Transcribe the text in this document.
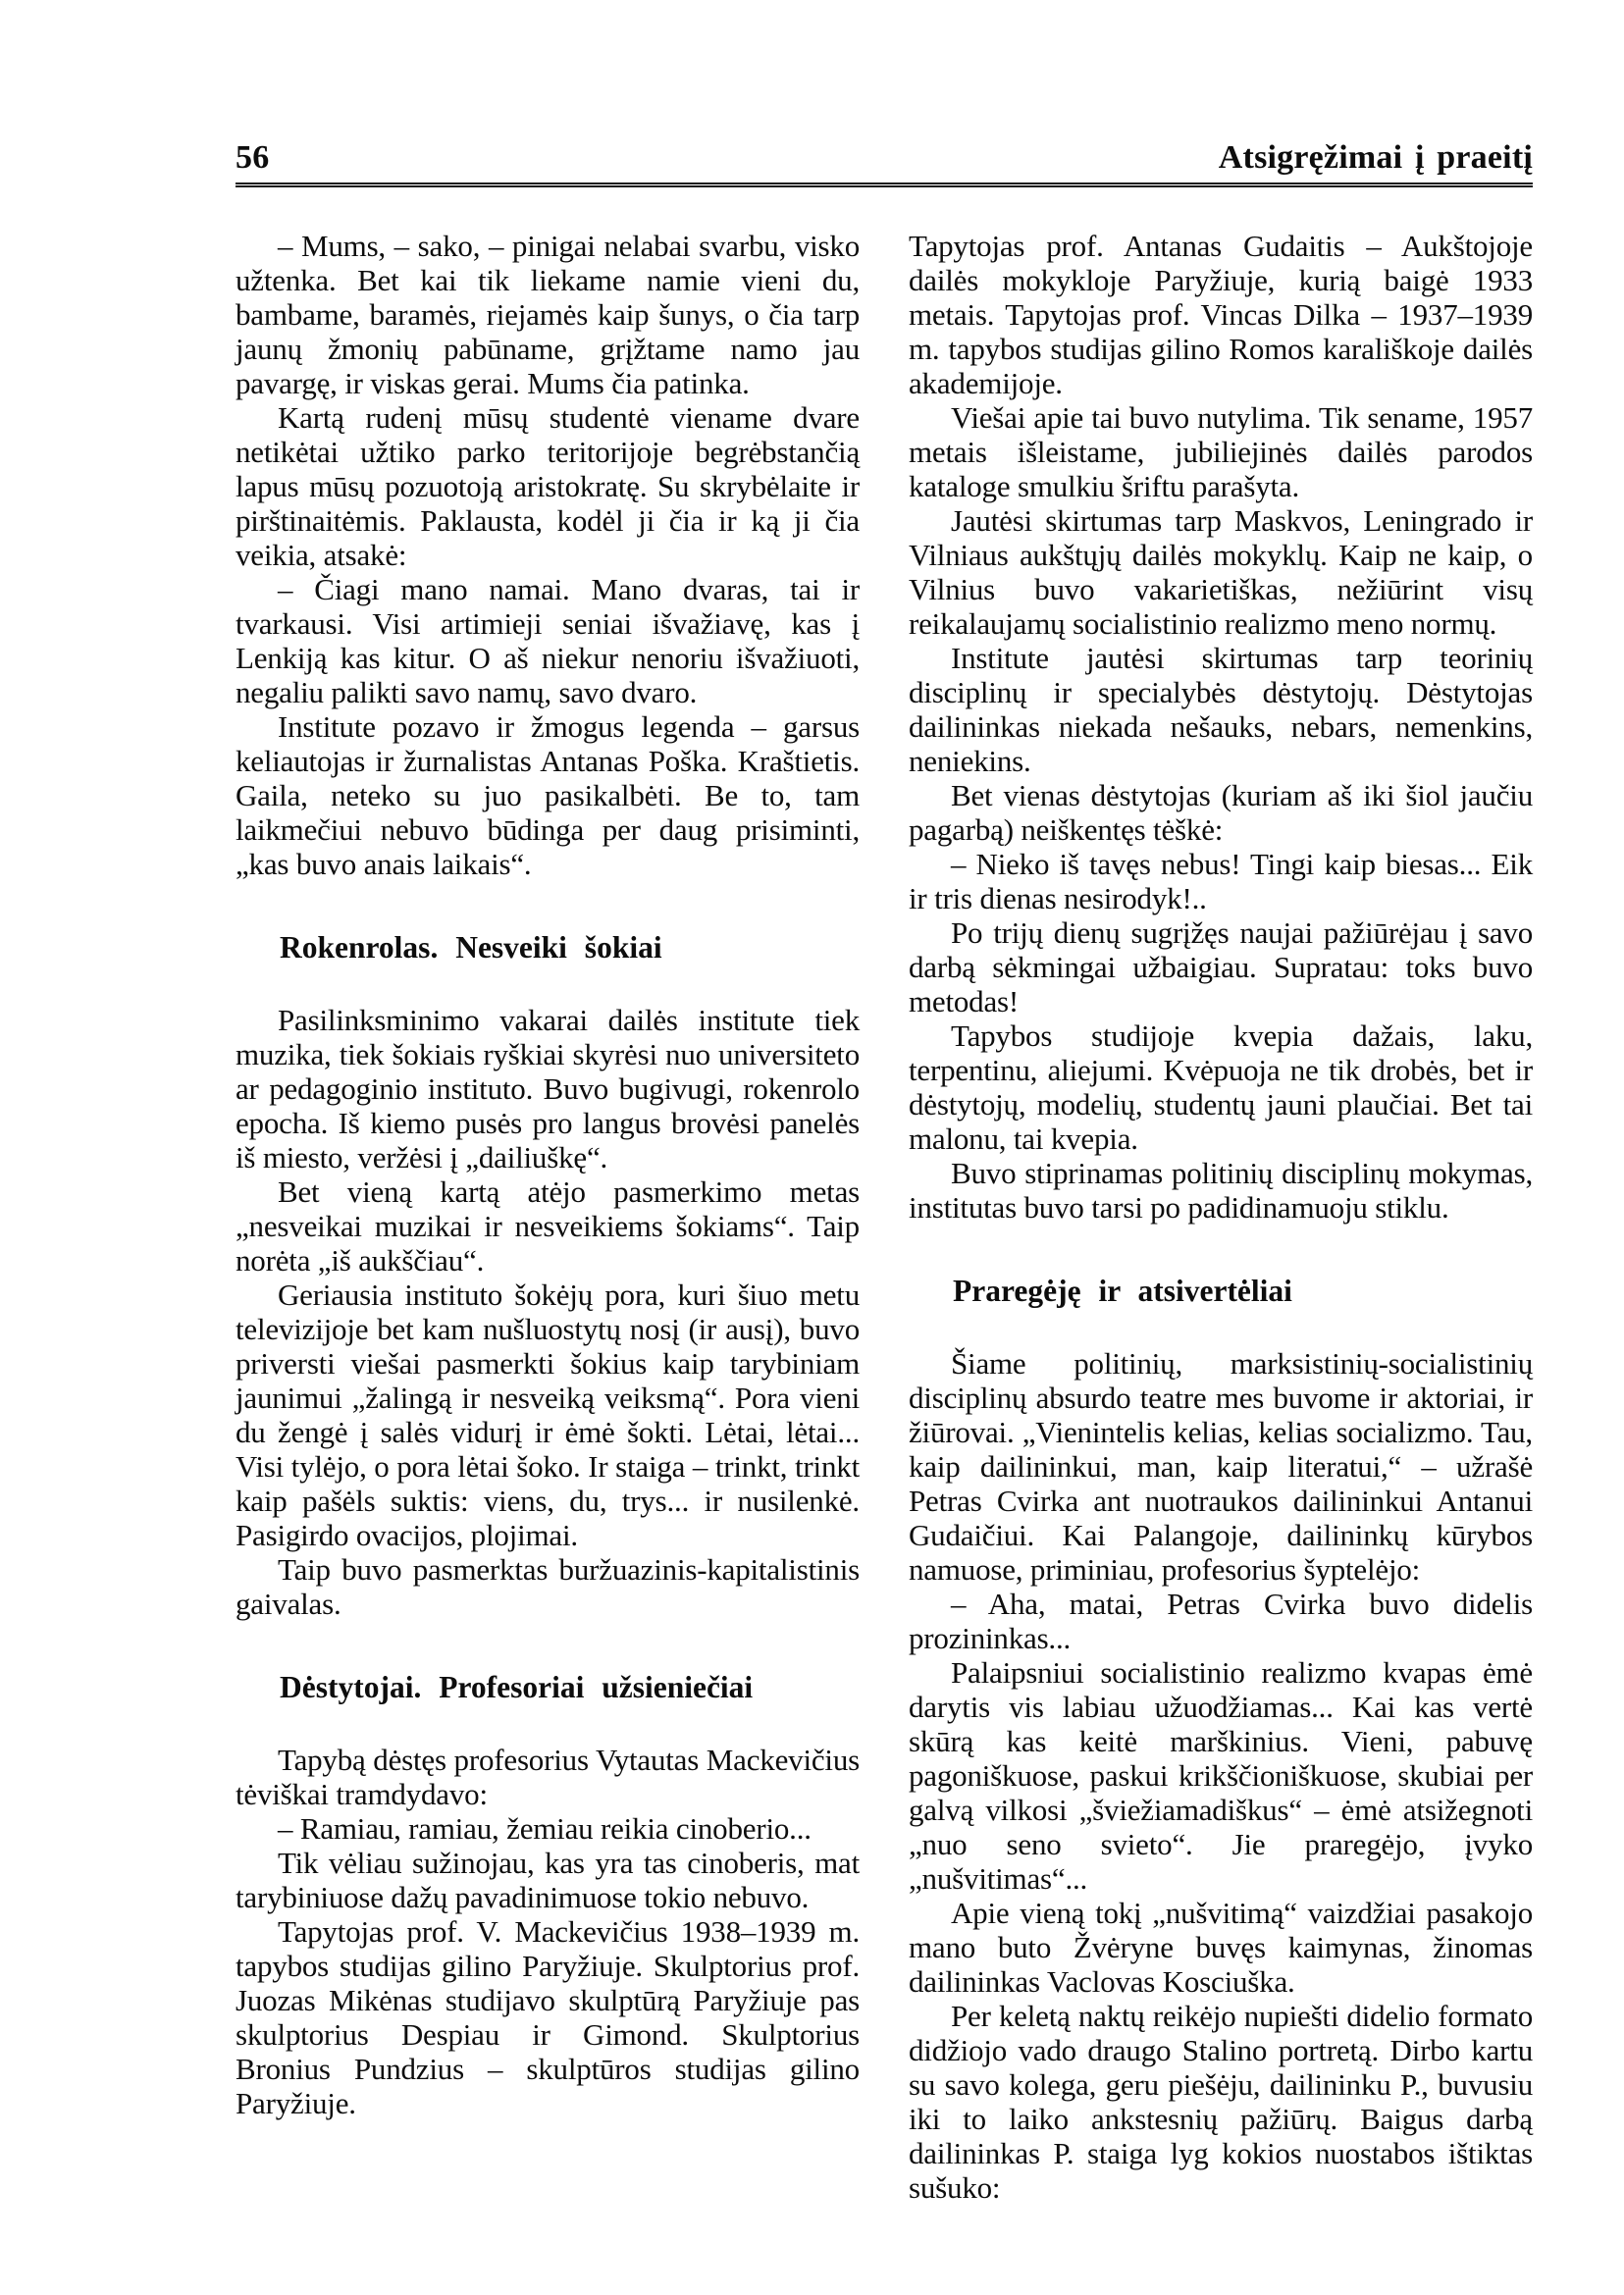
56	Atsigręžimai į praeitį

– Mums, – sako, – pinigai nelabai svarbu, visko užtenka. Bet kai tik liekame namie vieni du, bambame, baramės, riejamės kaip šunys, o čia tarp jaunų žmonių pabūname, grįžtame namo jau pavargę, ir viskas gerai. Mums čia patinka.

Kartą rudenį mūsų studentė viename dvare netikėtai užtiko parko teritorijoje begrėbstančią lapus mūsų pozuotoją aristokratę. Su skrybėlaite ir pirštinaitėmis. Paklausta, kodėl ji čia ir ką ji čia veikia, atsakė:

– Čiagi mano namai. Mano dvaras, tai ir tvarkausi. Visi artimieji seniai išvažiavę, kas į Lenkiją kas kitur. O aš niekur nenoriu išvažiuoti, negaliu palikti savo namų, savo dvaro.

Institute pozavo ir žmogus legenda – garsus keliautojas ir žurnalistas Antanas Poška. Kraštietis. Gaila, neteko su juo pasikalbėti. Be to, tam laikmečiui nebuvo būdinga per daug prisiminti, „kas buvo anais laikais“.

Rokenrolas. Nesveiki šokiai

Pasilinksminimo vakarai dailės institute tiek muzika, tiek šokiais ryškiai skyrėsi nuo universiteto ar pedagoginio instituto. Buvo bugivugi, rokenrolo epocha. Iš kiemo pusės pro langus brovėsi panelės iš miesto, veržėsi į „dailiuškę“.

Bet vieną kartą atėjo pasmerkimo metas „nesveikai muzikai ir nesveikiems šokiams“. Taip norėta „iš aukščiau“.

Geriausia instituto šokėjų pora, kuri šiuo metu televizijoje bet kam nušluostytų nosį (ir ausį), buvo priversti viešai pasmerkti šokius kaip tarybiniam jaunimui „žalingą ir nesveiką veiksmą“. Pora vieni du žengė į salės vidurį ir ėmė šokti. Lėtai, lėtai... Visi tylėjo, o pora lėtai šoko. Ir staiga – trinkt, trinkt kaip pašėls suktis: viens, du, trys... ir nusilenkė. Pasigirdo ovacijos, plojimai.

Taip buvo pasmerktas buržuazinis-kapitalistinis gaivalas.

Dėstytojai. Profesoriai užsieniečiai

Tapybą dėstęs profesorius Vytautas Mackevičius tėviškai tramdydavo:

– Ramiau, ramiau, žemiau reikia cinoberio...

Tik vėliau sužinojau, kas yra tas cinoberis, mat tarybiniuose dažų pavadinimuose tokio nebuvo.

Tapytojas prof. V. Mackevičius 1938–1939 m. tapybos studijas gilino Paryžiuje. Skulptorius prof. Juozas Mikėnas studijavo skulptūrą Paryžiuje pas skulptorius Despiau ir Gimond. Skulptorius Bronius Pundzius – skulptūros studijas gilino Paryžiuje.

Tapytojas prof. Antanas Gudaitis – Aukštojoje dailės mokykloje Paryžiuje, kurią baigė 1933 metais. Tapytojas prof. Vincas Dilka – 1937–1939 m. tapybos studijas gilino Romos karališkoje dailės akademijoje.

Viešai apie tai buvo nutylima. Tik sename, 1957 metais išleistame, jubiliejinės dailės parodos kataloge smulkiu šriftu parašyta.

Jautėsi skirtumas tarp Maskvos, Leningrado ir Vilniaus aukštųjų dailės mokyklų. Kaip ne kaip, o Vilnius buvo vakarietiškas, nežiūrint visų reikalaujamų socialistinio realizmo meno normų.

Institute jautėsi skirtumas tarp teorinių disciplinų ir specialybės dėstytojų. Dėstytojas dailininkas niekada nešauks, nebars, nemenkins, neniekins.

Bet vienas dėstytojas (kuriam aš iki šiol jaučiu pagarbą) neiškentęs tėškė:

– Nieko iš tavęs nebus! Tingi kaip biesas... Eik ir tris dienas nesirodyk!..

Po trijų dienų sugrįžęs naujai pažiūrėjau į savo darbą sėkmingai užbaigiau. Supratau: toks buvo metodas!

Tapybos studijoje kvepia dažais, laku, terpentinu, aliejumi. Kvėpuoja ne tik drobės, bet ir dėstytojų, modelių, studentų jauni plaučiai. Bet tai malonu, tai kvepia.

Buvo stiprinamas politinių disciplinų mokymas, institutas buvo tarsi po padidinamuoju stiklu.

Praregėję ir atsivertėliai

Šiame politinių, marksistinių-socialistinių disciplinų absurdo teatre mes buvome ir aktoriai, ir žiūrovai. „Vienintelis kelias, kelias socializmo. Tau, kaip dailininkui, man, kaip literatui,“ – užrašė Petras Cvirka ant nuotraukos dailininkui Antanui Gudaičiui. Kai Palangoje, dailininkų kūrybos namuose, priminiau, profesorius šyptelėjo:

– Aha, matai, Petras Cvirka buvo didelis prozininkas...

Palaipsniui socialistinio realizmo kvapas ėmė darytis vis labiau užuodžiamas... Kai kas vertė skūrą kas keitė marškinius. Vieni, pabuvę pagoniškuose, paskui krikščioniškuose, skubiai per galvą vilkosi „šviežiamadiškus“ – ėmė atsižegnoti „nuo seno svieto“. Jie praregėjo, įvyko „nušvitimas“...

Apie vieną tokį „nušvitimą“ vaizdžiai pasakojo mano buto Žvėryne buvęs kaimynas, žinomas dailininkas Vaclovas Kosciuška.

Per keletą naktų reikėjo nupiešti didelio formato didžiojo vado draugo Stalino portretą. Dirbo kartu su savo kolega, geru piešėju, dailininku P., buvusiu iki to laiko ankstesnių pažiūrų. Baigus darbą dailininkas P. staiga lyg kokios nuostabos ištiktas sušuko:
